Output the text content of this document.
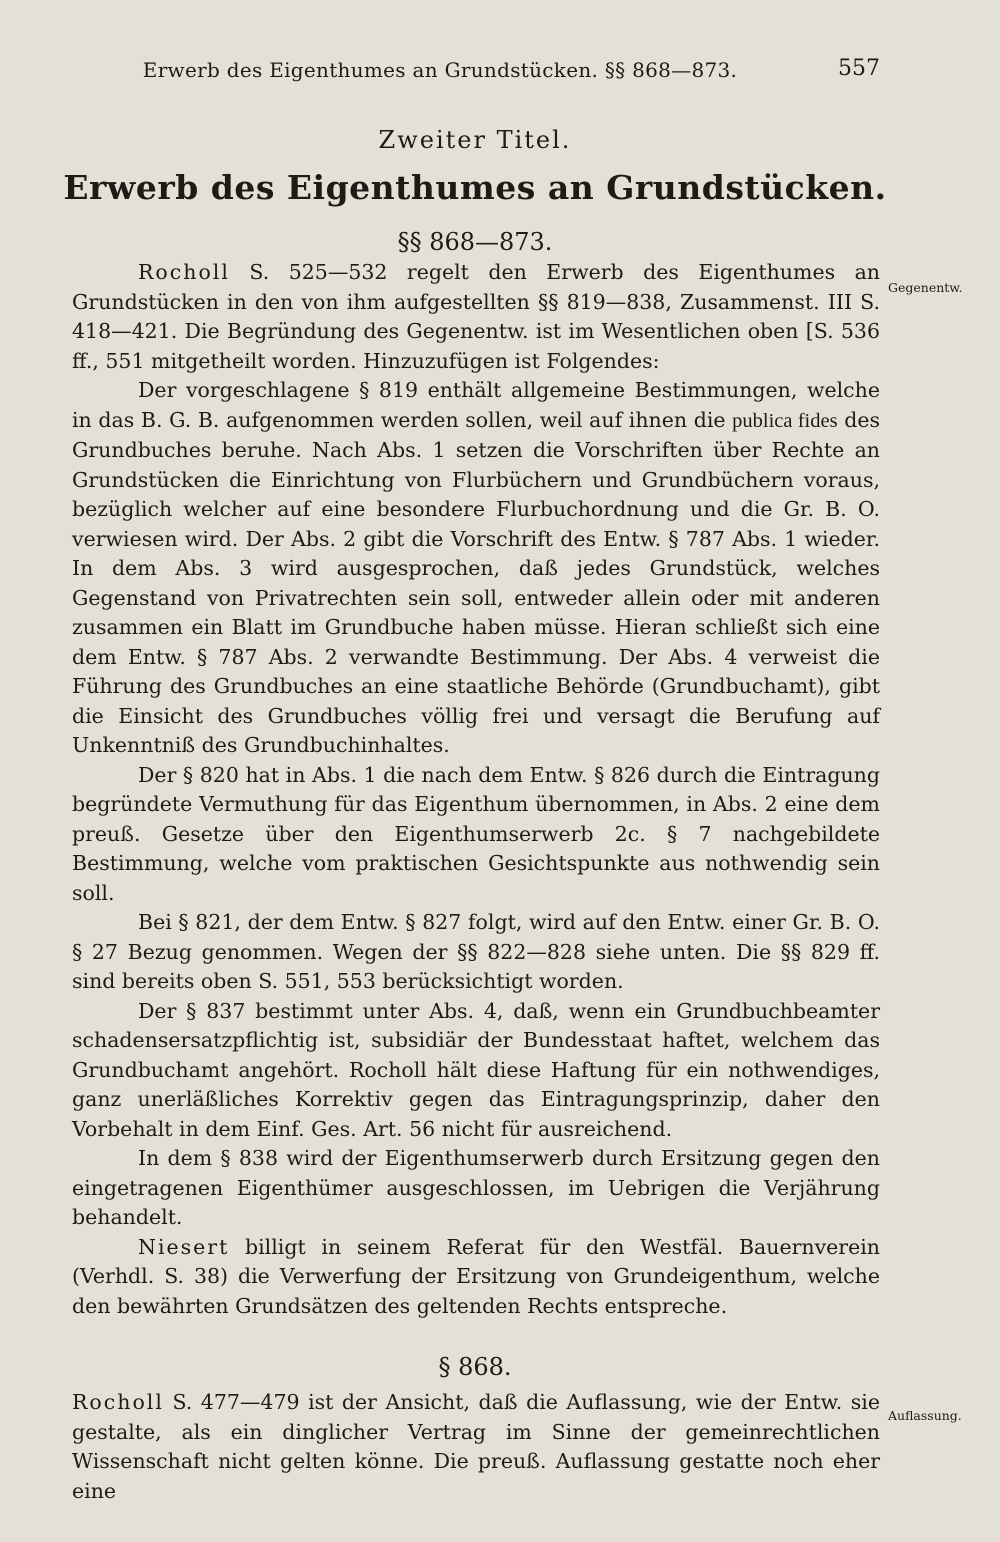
Erwerb des Eigenthumes an Grundstücken. §§ 868—873.	557
Zweiter Titel.
Erwerb des Eigenthumes an Grundstücken.
§§ 868—873.
Gegenentw.
Auflassung.

Rocholl S. 525—532 regelt den Erwerb des Eigenthumes an Grundstücken in den von ihm aufgestellten §§ 819—838, Zusammenst. III S. 418—421. Die Begründung des Gegenentw. ist im Wesentlichen oben [S. 536 ff., 551 mitgetheilt worden. Hinzuzufügen ist Folgendes:

Der vorgeschlagene § 819 enthält allgemeine Bestimmungen, welche in das B. G. B. aufgenommen werden sollen, weil auf ihnen die publica fides des Grundbuches beruhe. Nach Abs. 1 setzen die Vorschriften über Rechte an Grundstücken die Einrichtung von Flurbüchern und Grundbüchern voraus, bezüglich welcher auf eine besondere Flurbuchordnung und die Gr. B. O. verwiesen wird. Der Abs. 2 gibt die Vorschrift des Entw. § 787 Abs. 1 wieder. In dem Abs. 3 wird ausgesprochen, daß jedes Grundstück, welches Gegenstand von Privatrechten sein soll, entweder allein oder mit anderen zusammen ein Blatt im Grundbuche haben müsse. Hieran schließt sich eine dem Entw. § 787 Abs. 2 verwandte Bestimmung. Der Abs. 4 verweist die Führung des Grundbuches an eine staatliche Behörde (Grundbuchamt), gibt die Einsicht des Grundbuches völlig frei und versagt die Berufung auf Unkenntniß des Grundbuchinhaltes.

Der § 820 hat in Abs. 1 die nach dem Entw. § 826 durch die Eintragung begründete Vermuthung für das Eigenthum übernommen, in Abs. 2 eine dem preuß. Gesetze über den Eigenthumserwerb 2c. § 7 nachgebildete Bestimmung, welche vom praktischen Gesichtspunkte aus nothwendig sein soll.

Bei § 821, der dem Entw. § 827 folgt, wird auf den Entw. einer Gr. B. O. § 27 Bezug genommen. Wegen der §§ 822—828 siehe unten. Die §§ 829 ff. sind bereits oben S. 551, 553 berücksichtigt worden.

Der § 837 bestimmt unter Abs. 4, daß, wenn ein Grundbuchbeamter schadensersatzpflichtig ist, subsidiär der Bundesstaat haftet, welchem das Grundbuchamt angehört. Rocholl hält diese Haftung für ein nothwendiges, ganz unerläßliches Korrektiv gegen das Eintragungsprinzip, daher den Vorbehalt in dem Einf. Ges. Art. 56 nicht für ausreichend.

In dem § 838 wird der Eigenthumserwerb durch Ersitzung gegen den eingetragenen Eigenthümer ausgeschlossen, im Uebrigen die Verjährung behandelt.

Niesert billigt in seinem Referat für den Westfäl. Bauernverein (Verhdl. S. 38) die Verwerfung der Ersitzung von Grundeigenthum, welche den bewährten Grundsätzen des geltenden Rechts entspreche.

§ 868.

Rocholl S. 477—479 ist der Ansicht, daß die Auflassung, wie der Entw. sie gestalte, als ein dinglicher Vertrag im Sinne der gemeinrechtlichen Wissenschaft nicht gelten könne. Die preuß. Auflassung gestatte noch eher eine
